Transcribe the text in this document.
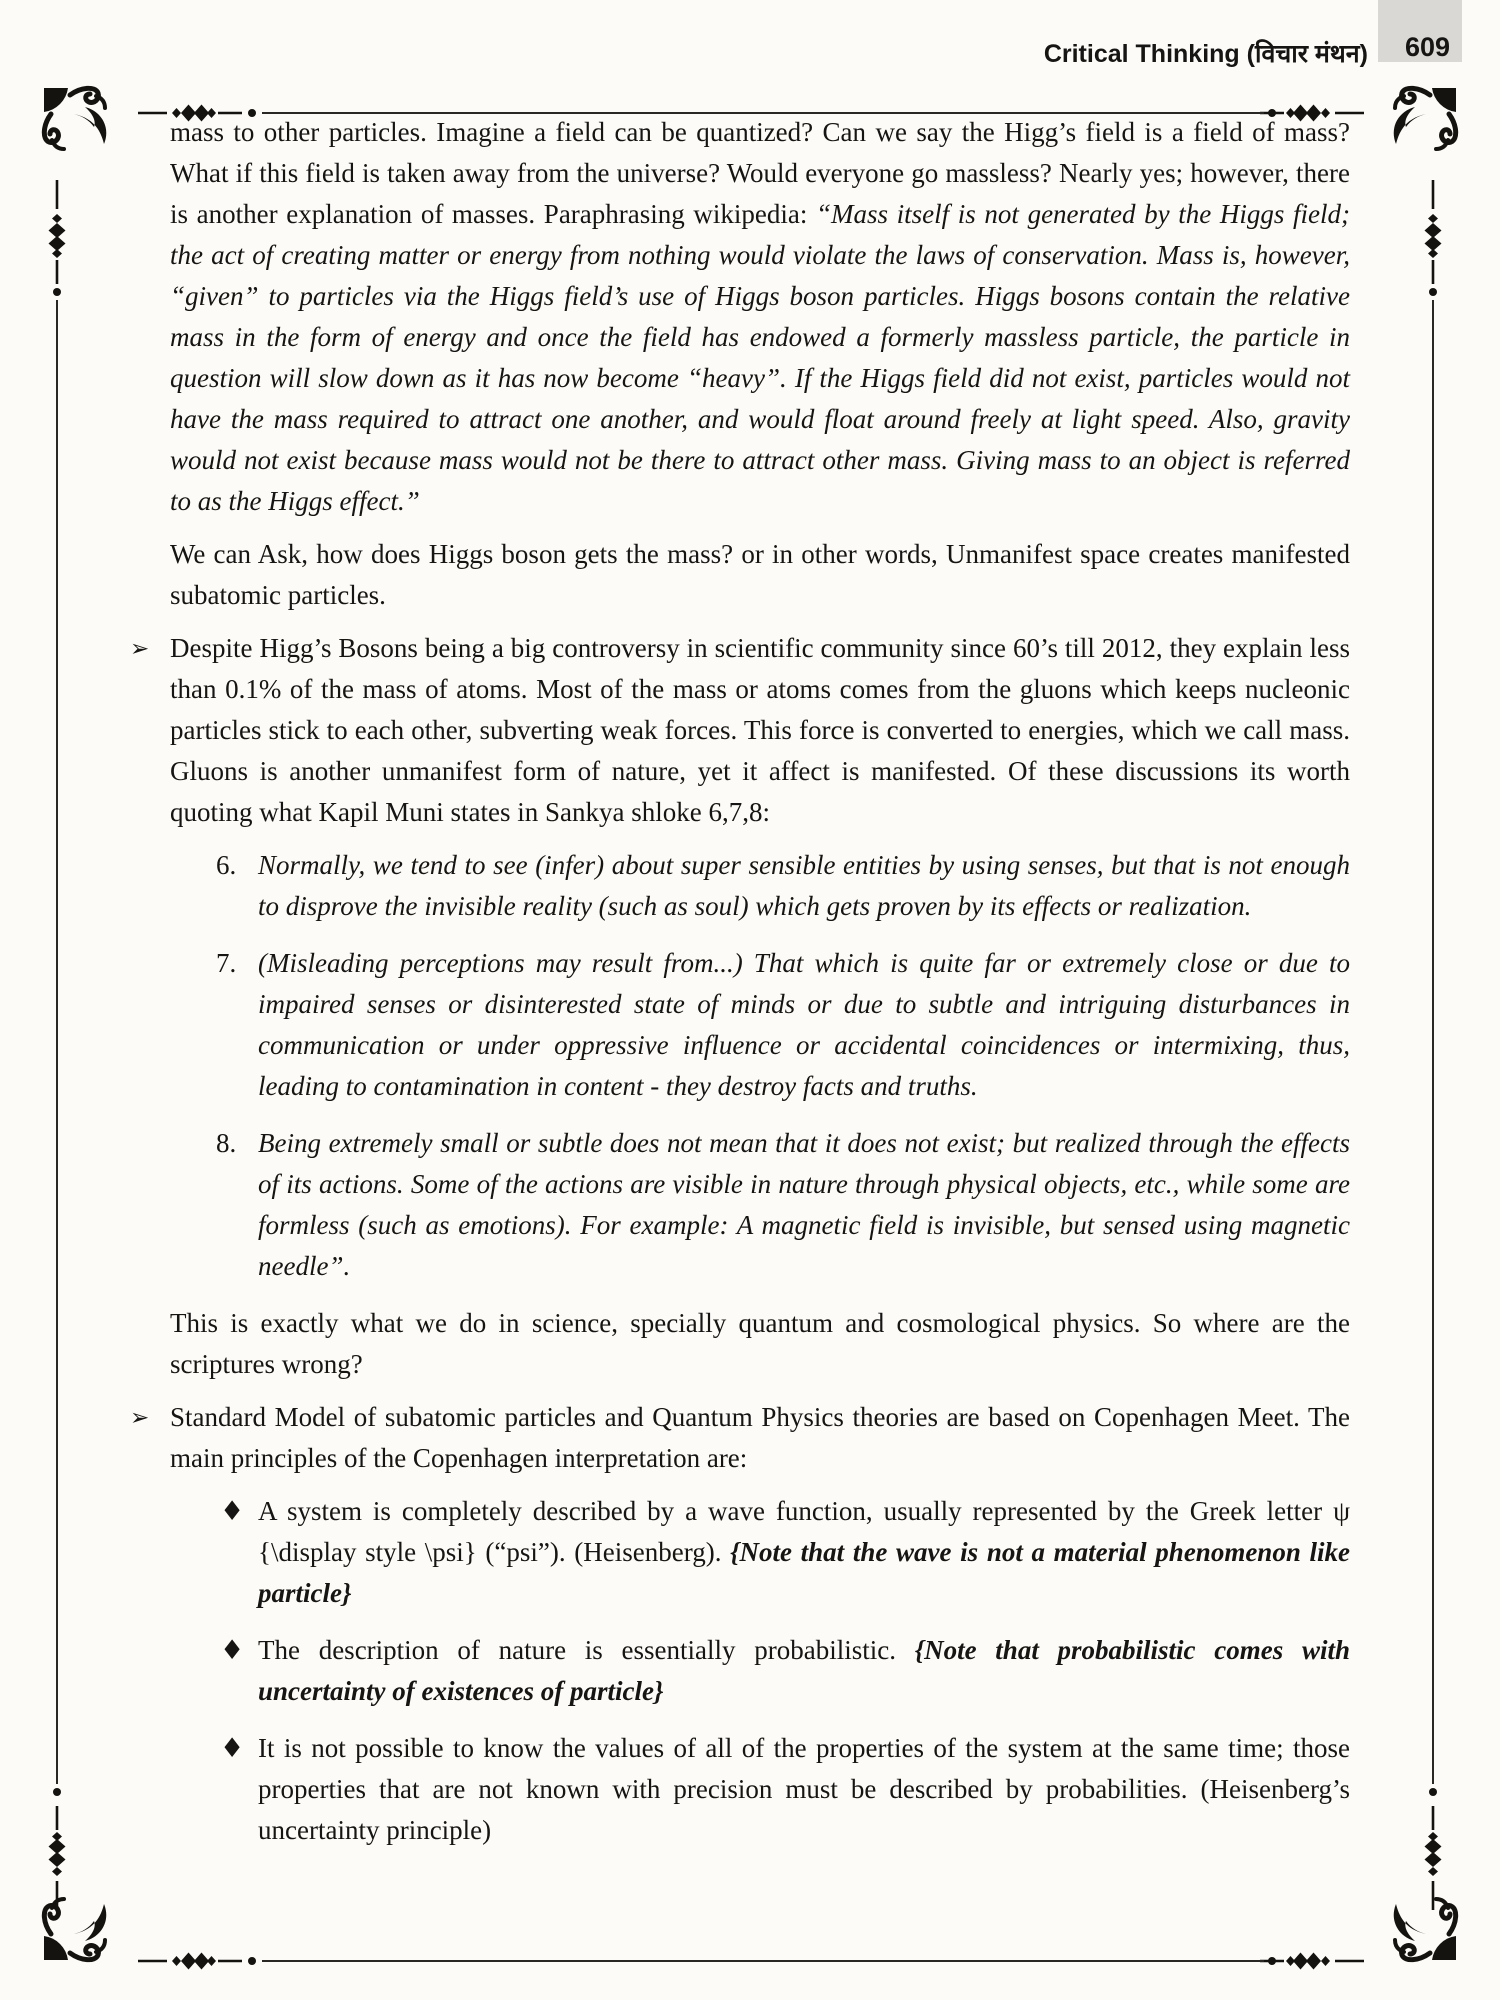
Critical Thinking (विचार मंथन) 609

mass to other particles. Imagine a field can be quantized? Can we say the Higg’s field is a field of mass? What if this field is taken away from the universe? Would everyone go massless? Nearly yes; however, there is another explanation of masses. Paraphrasing wikipedia: “Mass itself is not generated by the Higgs field; the act of creating matter or energy from nothing would violate the laws of conservation. Mass is, however, “given” to particles via the Higgs field’s use of Higgs boson particles. Higgs bosons contain the relative mass in the form of energy and once the field has endowed a formerly massless particle, the particle in question will slow down as it has now become “heavy”. If the Higgs field did not exist, particles would not have the mass required to attract one another, and would float around freely at light speed. Also, gravity would not exist because mass would not be there to attract other mass. Giving mass to an object is referred to as the Higgs effect.”

We can Ask, how does Higgs boson gets the mass? or in other words, Unmanifest space creates manifested subatomic particles.

➢ Despite Higg’s Bosons being a big controversy in scientific community since 60’s till 2012, they explain less than 0.1% of the mass of atoms. Most of the mass or atoms comes from the gluons which keeps nucleonic particles stick to each other, subverting weak forces. This force is converted to energies, which we call mass. Gluons is another unmanifest form of nature, yet it affect is manifested. Of these discussions its worth quoting what Kapil Muni states in Sankya shloke 6,7,8:
6. Normally, we tend to see (infer) about super sensible entities by using senses, but that is not enough to disprove the invisible reality (such as soul) which gets proven by its effects or realization.
7. (Misleading perceptions may result from...) That which is quite far or extremely close or due to impaired senses or disinterested state of minds or due to subtle and intriguing disturbances in communication or under oppressive influence or accidental coincidences or intermixing, thus, leading to contamination in content - they destroy facts and truths.
8. Being extremely small or subtle does not mean that it does not exist; but realized through the effects of its actions. Some of the actions are visible in nature through physical objects, etc., while some are formless (such as emotions). For example: A magnetic field is invisible, but sensed using magnetic needle”.

This is exactly what we do in science, specially quantum and cosmological physics. So where are the scriptures wrong?

➢ Standard Model of subatomic particles and Quantum Physics theories are based on Copenhagen Meet. The main principles of the Copenhagen interpretation are:
♦ A system is completely described by a wave function, usually represented by the Greek letter ψ {\display style \psi} (“psi”). (Heisenberg). {Note that the wave is not a material phenomenon like particle}
♦ The description of nature is essentially probabilistic. {Note that probabilistic comes with uncertainty of existences of particle}
♦ It is not possible to know the values of all of the properties of the system at the same time; those properties that are not known with precision must be described by probabilities. (Heisenberg’s uncertainty principle)
